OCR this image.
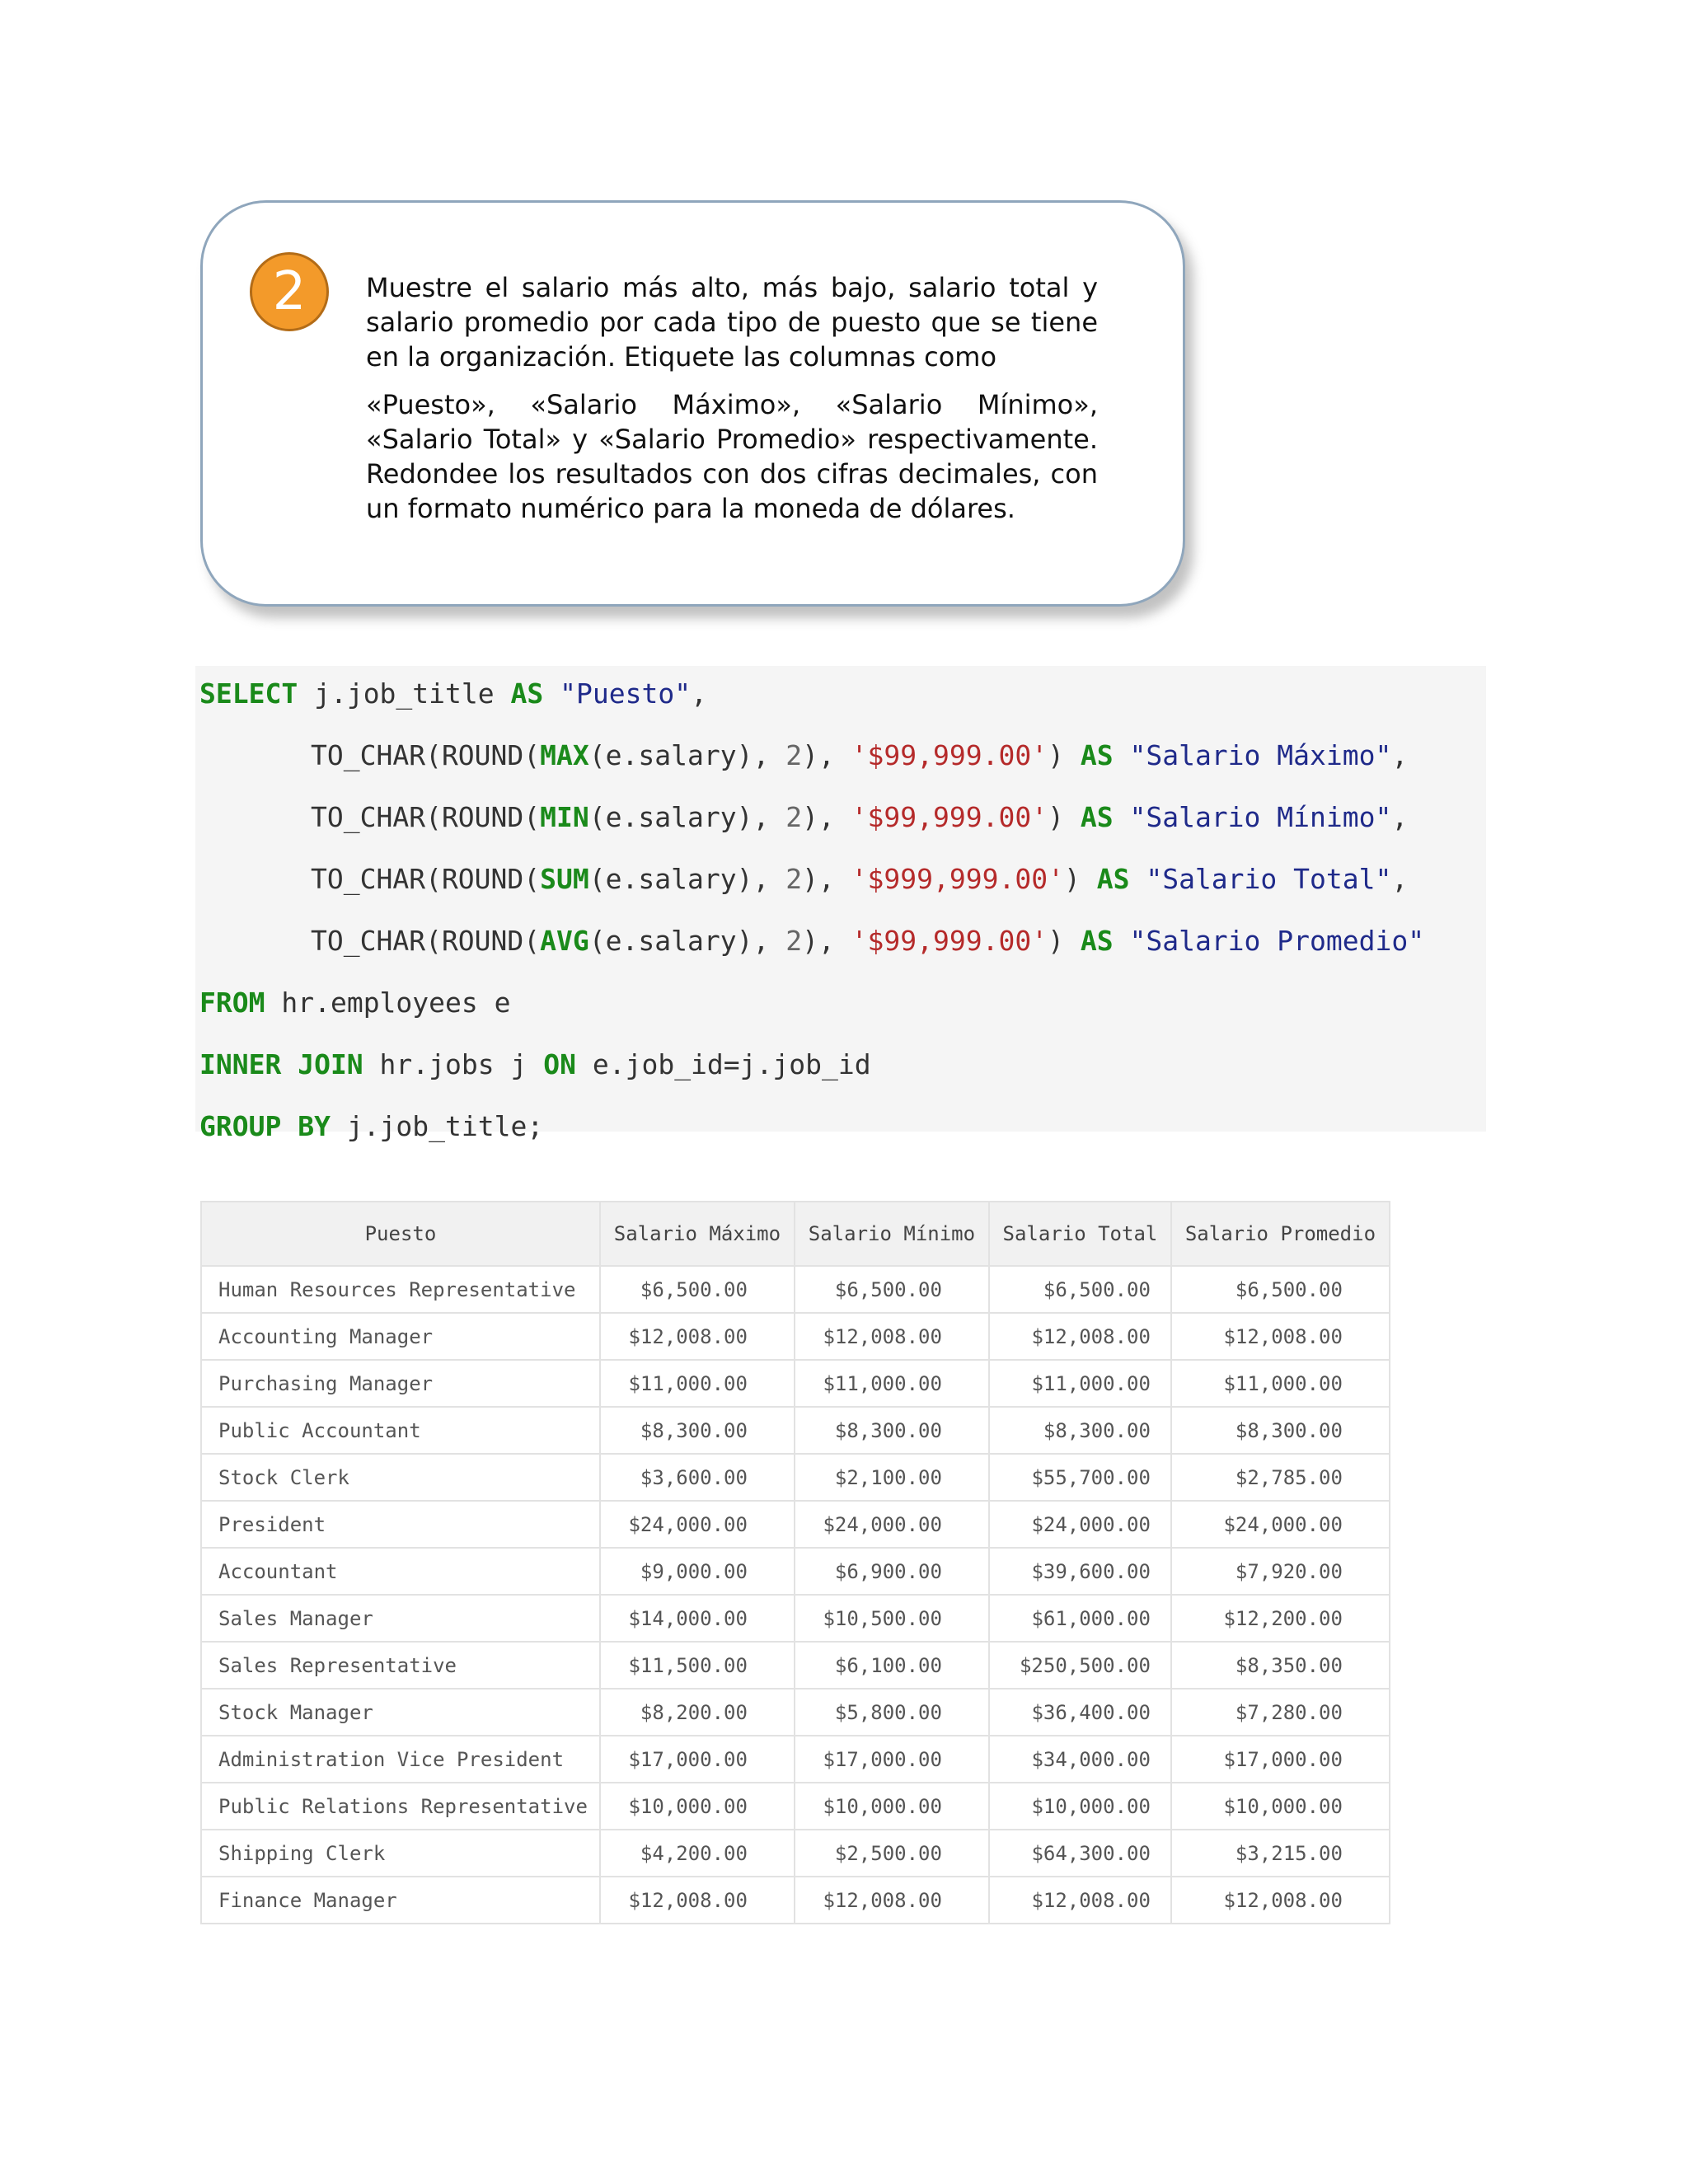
2	Muestre el salario más alto, más bajo, salario total y salario promedio por cada tipo de puesto que se tiene en la organización. Etiquete las columnas como

«Puesto», «Salario Máximo», «Salario Mínimo», «Salario Total» y «Salario Promedio» respectivamente. Redondee los resultados con dos cifras decimales, con un formato numérico para la moneda de dólares.

SELECT j.job_title AS "Puesto",

TO_CHAR(ROUND(MAX(e.salary), 2), '$99,999.00') AS "Salario Máximo",

TO_CHAR(ROUND(MIN(e.salary), 2), '$99,999.00') AS "Salario Mínimo",

TO_CHAR(ROUND(SUM(e.salary), 2), '$999,999.00') AS "Salario Total",

TO_CHAR(ROUND(AVG(e.salary), 2), '$99,999.00') AS "Salario Promedio"

FROM hr.employees e

INNER JOIN hr.jobs j ON e.job_id=j.job_id

GROUP BY j.job_title;

Puesto	Salario Máximo	Salario Mínimo	Salario Total	Salario Promedio
Human Resources Representative	$6,500.00	$6,500.00	$6,500.00	$6,500.00
Accounting Manager	$12,008.00	$12,008.00	$12,008.00	$12,008.00
Purchasing Manager	$11,000.00	$11,000.00	$11,000.00	$11,000.00
Public Accountant	$8,300.00	$8,300.00	$8,300.00	$8,300.00
Stock Clerk	$3,600.00	$2,100.00	$55,700.00	$2,785.00
President	$24,000.00	$24,000.00	$24,000.00	$24,000.00
Accountant	$9,000.00	$6,900.00	$39,600.00	$7,920.00
Sales Manager	$14,000.00	$10,500.00	$61,000.00	$12,200.00
Sales Representative	$11,500.00	$6,100.00	$250,500.00	$8,350.00
Stock Manager	$8,200.00	$5,800.00	$36,400.00	$7,280.00
Administration Vice President	$17,000.00	$17,000.00	$34,000.00	$17,000.00
Public Relations Representative	$10,000.00	$10,000.00	$10,000.00	$10,000.00
Shipping Clerk	$4,200.00	$2,500.00	$64,300.00	$3,215.00
Finance Manager	$12,008.00	$12,008.00	$12,008.00	$12,008.00
